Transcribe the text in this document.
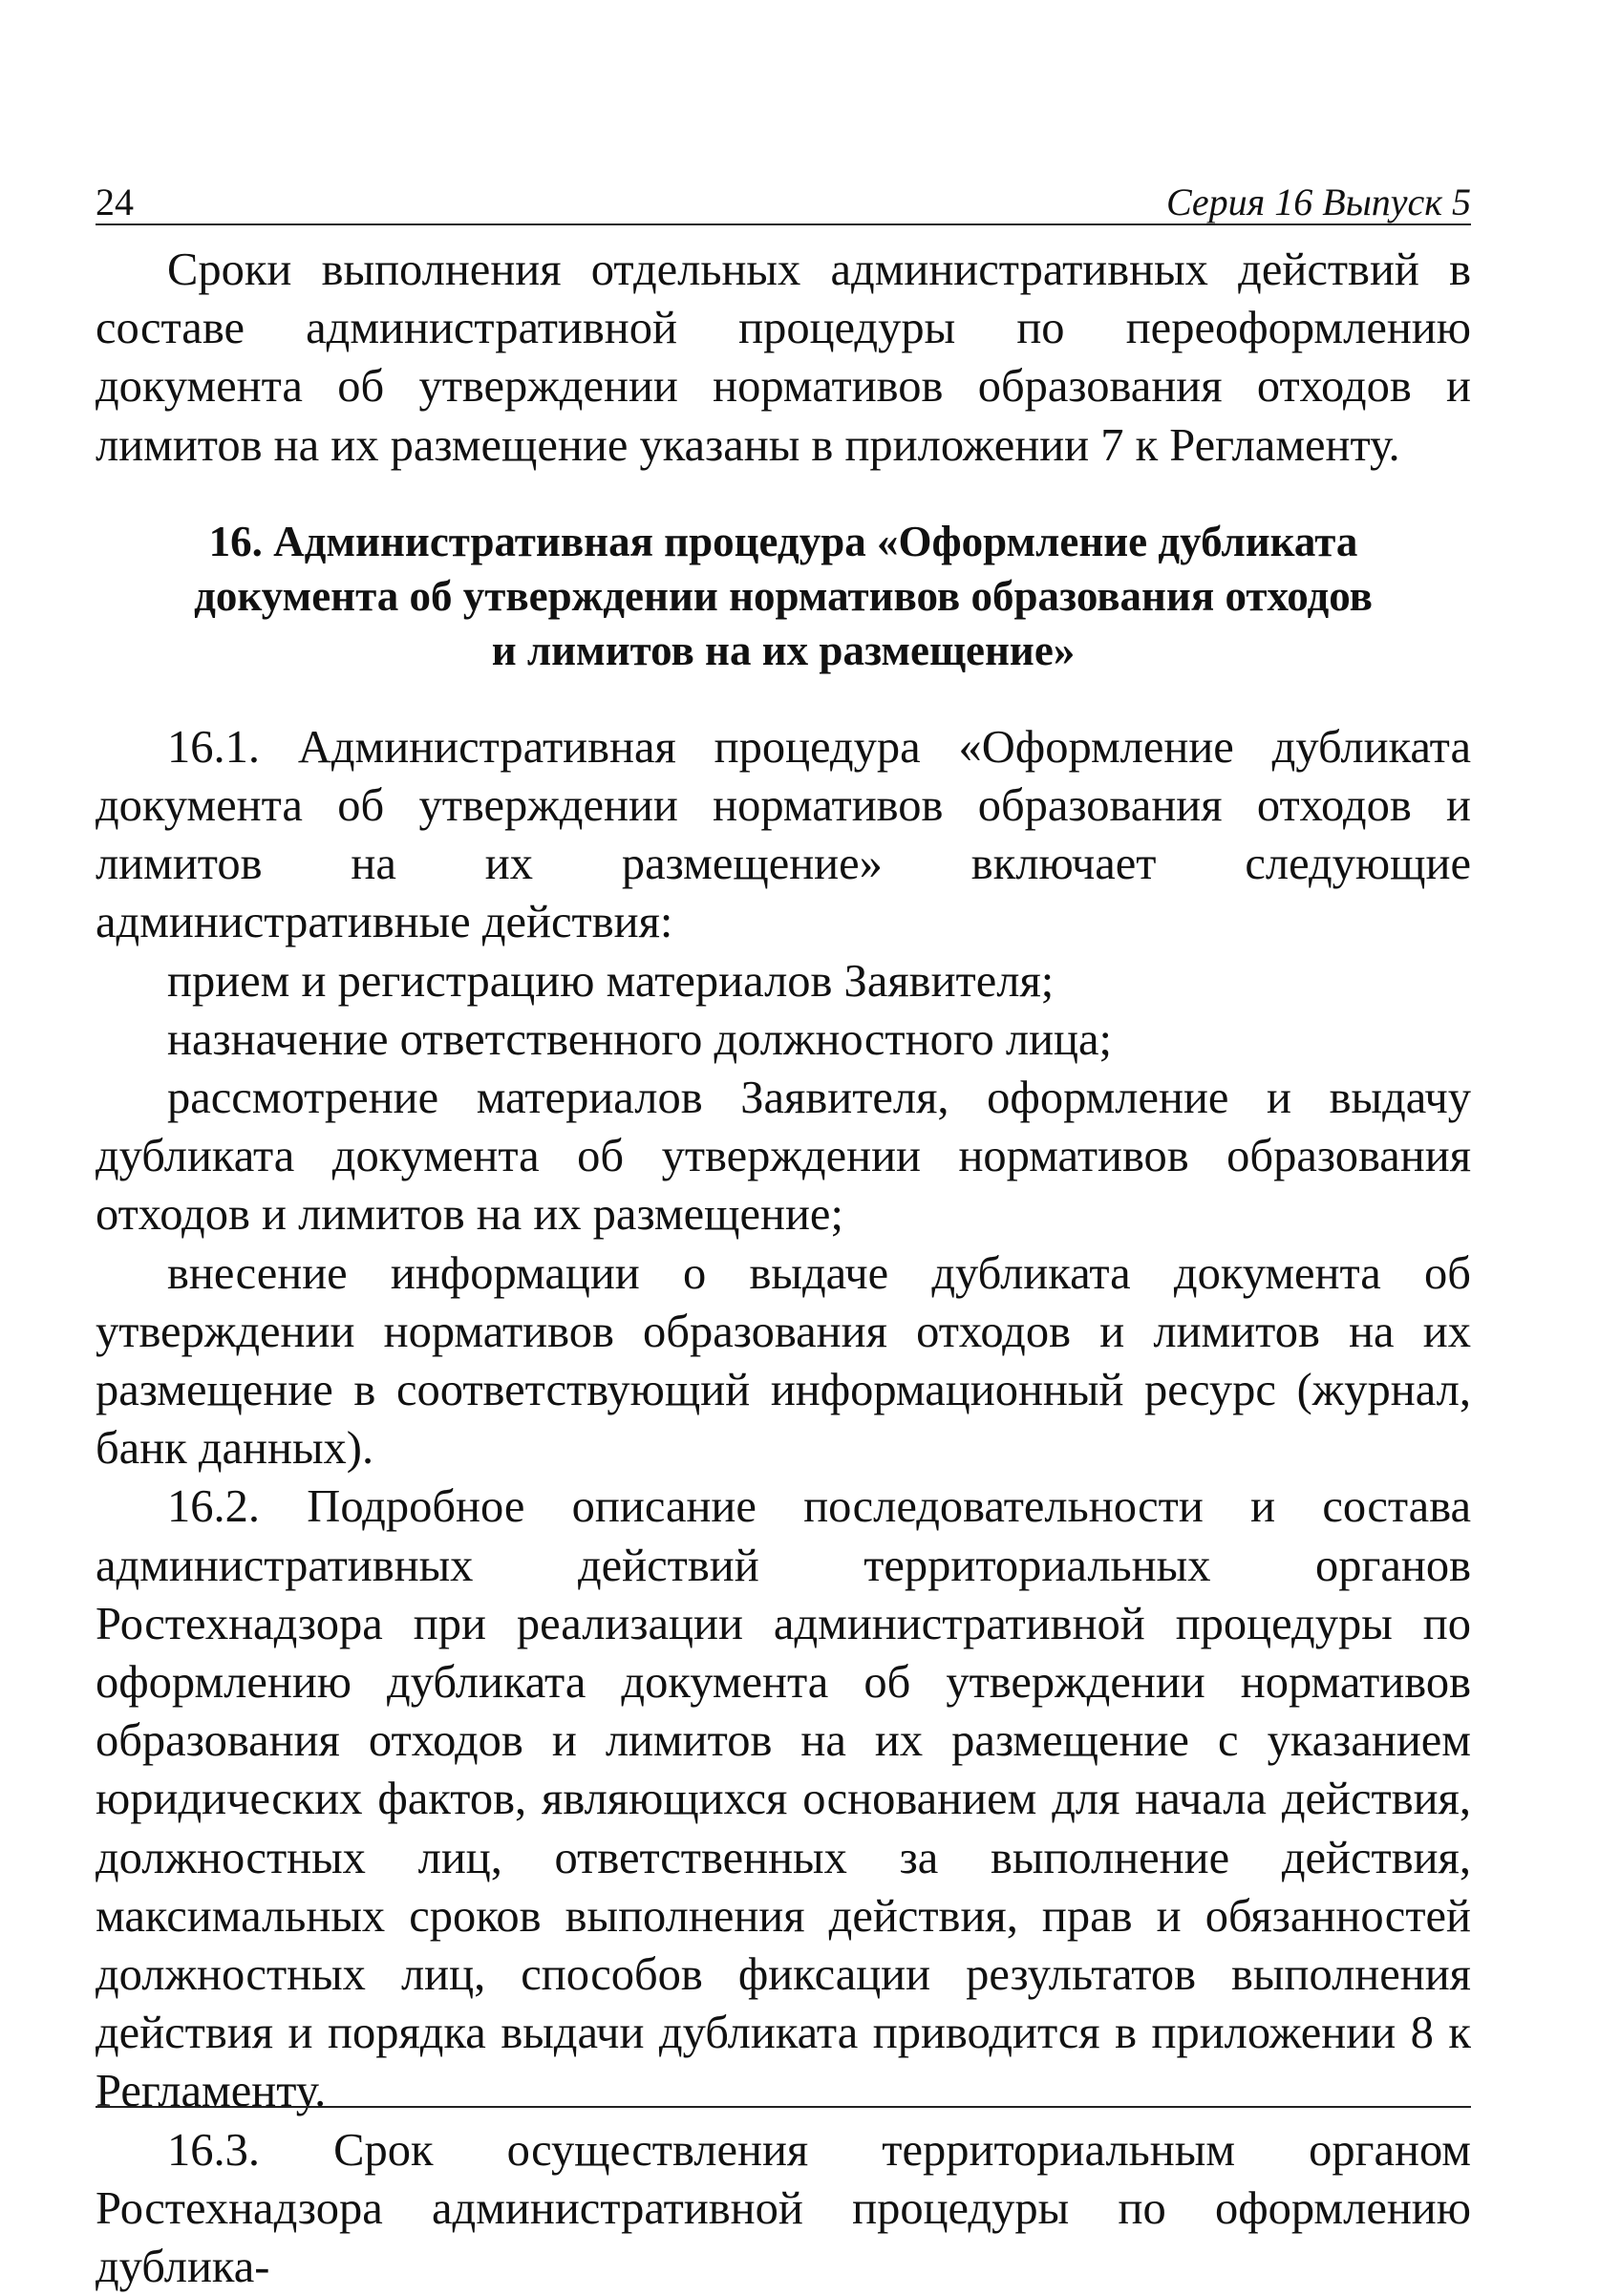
24	Серия 16 Выпуск 5

Сроки выполнения отдельных административных действий в составе административной процедуры по переоформлению документа об утверждении нормативов образования отходов и лимитов на их размещение указаны в приложении 7 к Регламенту.

16. Административная процедура «Оформление дубликата
документа об утверждении нормативов образования отходов
и лимитов на их размещение»

16.1. Административная процедура «Оформление дубликата документа об утверждении нормативов образования отходов и лимитов на их размещение» включает следующие административные действия:

прием и регистрацию материалов Заявителя;

назначение ответственного должностного лица;

рассмотрение материалов Заявителя, оформление и выдачу дубликата документа об утверждении нормативов образования отходов и лимитов на их размещение;

внесение информации о выдаче дубликата документа об утверждении нормативов образования отходов и лимитов на их размещение в соответствующий информационный ресурс (журнал, банк данных).

16.2. Подробное описание последовательности и состава административных действий территориальных органов Ростехнадзора при реализации административной процедуры по оформлению дубликата документа об утверждении нормативов образования отходов и лимитов на их размещение с указанием юридических фактов, являющихся основанием для начала действия, должностных лиц, ответственных за выполнение действия, максимальных сроков выполнения действия, прав и обязанностей должностных лиц, способов фиксации результатов выполнения действия и порядка выдачи дубликата приводится в приложении 8 к Регламенту.

16.3. Срок осуществления территориальным органом Ростехнадзора административной процедуры по оформлению дублика-
